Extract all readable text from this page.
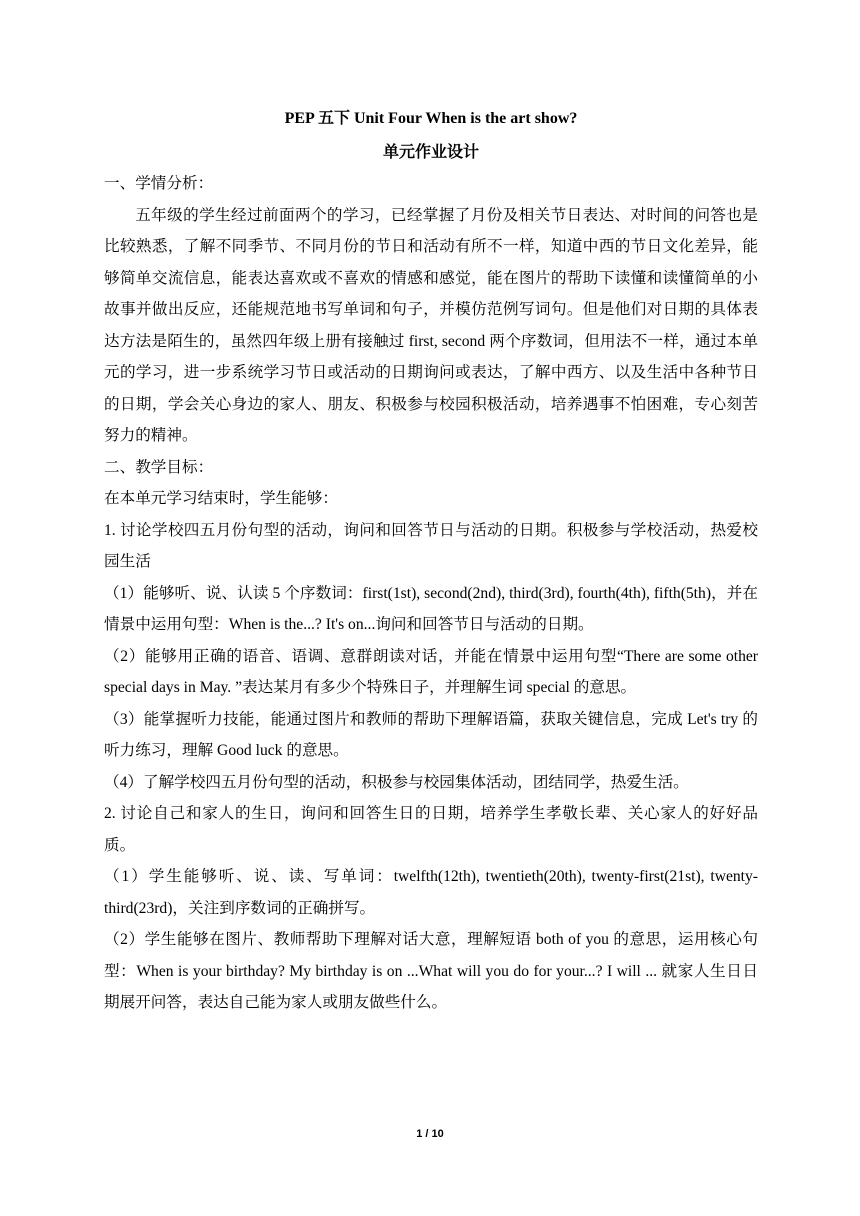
PEP 五下 Unit Four When is the art show?
单元作业设计

一、学情分析：

五年级的学生经过前面两个的学习，已经掌握了月份及相关节日表达、对时间的问答也是比较熟悉，了解不同季节、不同月份的节日和活动有所不一样，知道中西的节日文化差异，能够简单交流信息，能表达喜欢或不喜欢的情感和感觉，能在图片的帮助下读懂和读懂简单的小故事并做出反应，还能规范地书写单词和句子，并模仿范例写词句。但是他们对日期的具体表达方法是陌生的，虽然四年级上册有接触过 first, second 两个序数词，但用法不一样，通过本单元的学习，进一步系统学习节日或活动的日期询问或表达，了解中西方、以及生活中各种节日的日期，学会关心身边的家人、朋友、积极参与校园积极活动，培养遇事不怕困难，专心刻苦努力的精神。

二、教学目标：

在本单元学习结束时，学生能够：

1. 讨论学校四五月份句型的活动，询问和回答节日与活动的日期。积极参与学校活动，热爱校园生活

（1）能够听、说、认读 5 个序数词：first(1st), second(2nd), third(3rd), fourth(4th), fifth(5th)，并在情景中运用句型：When is the...? It's on...询问和回答节日与活动的日期。

（2）能够用正确的语音、语调、意群朗读对话，并能在情景中运用句型“There are some other special days in May. ”表达某月有多少个特殊日子，并理解生词 special 的意思。

（3）能掌握听力技能，能通过图片和教师的帮助下理解语篇，获取关键信息，完成 Let's try 的听力练习，理解 Good luck 的意思。

（4）了解学校四五月份句型的活动，积极参与校园集体活动，团结同学，热爱生活。

2. 讨论自己和家人的生日，询问和回答生日的日期，培养学生孝敬长辈、关心家人的好好品质。

（1）学生能够听、说、读、写单词：twelfth(12th), twentieth(20th), twenty-first(21st), twenty-third(23rd)，关注到序数词的正确拼写。

（2）学生能够在图片、教师帮助下理解对话大意，理解短语 both of you 的意思，运用核心句型：When is your birthday? My birthday is on ...What will you do for your...? I will ... 就家人生日日期展开问答，表达自己能为家人或朋友做些什么。

1 / 10
